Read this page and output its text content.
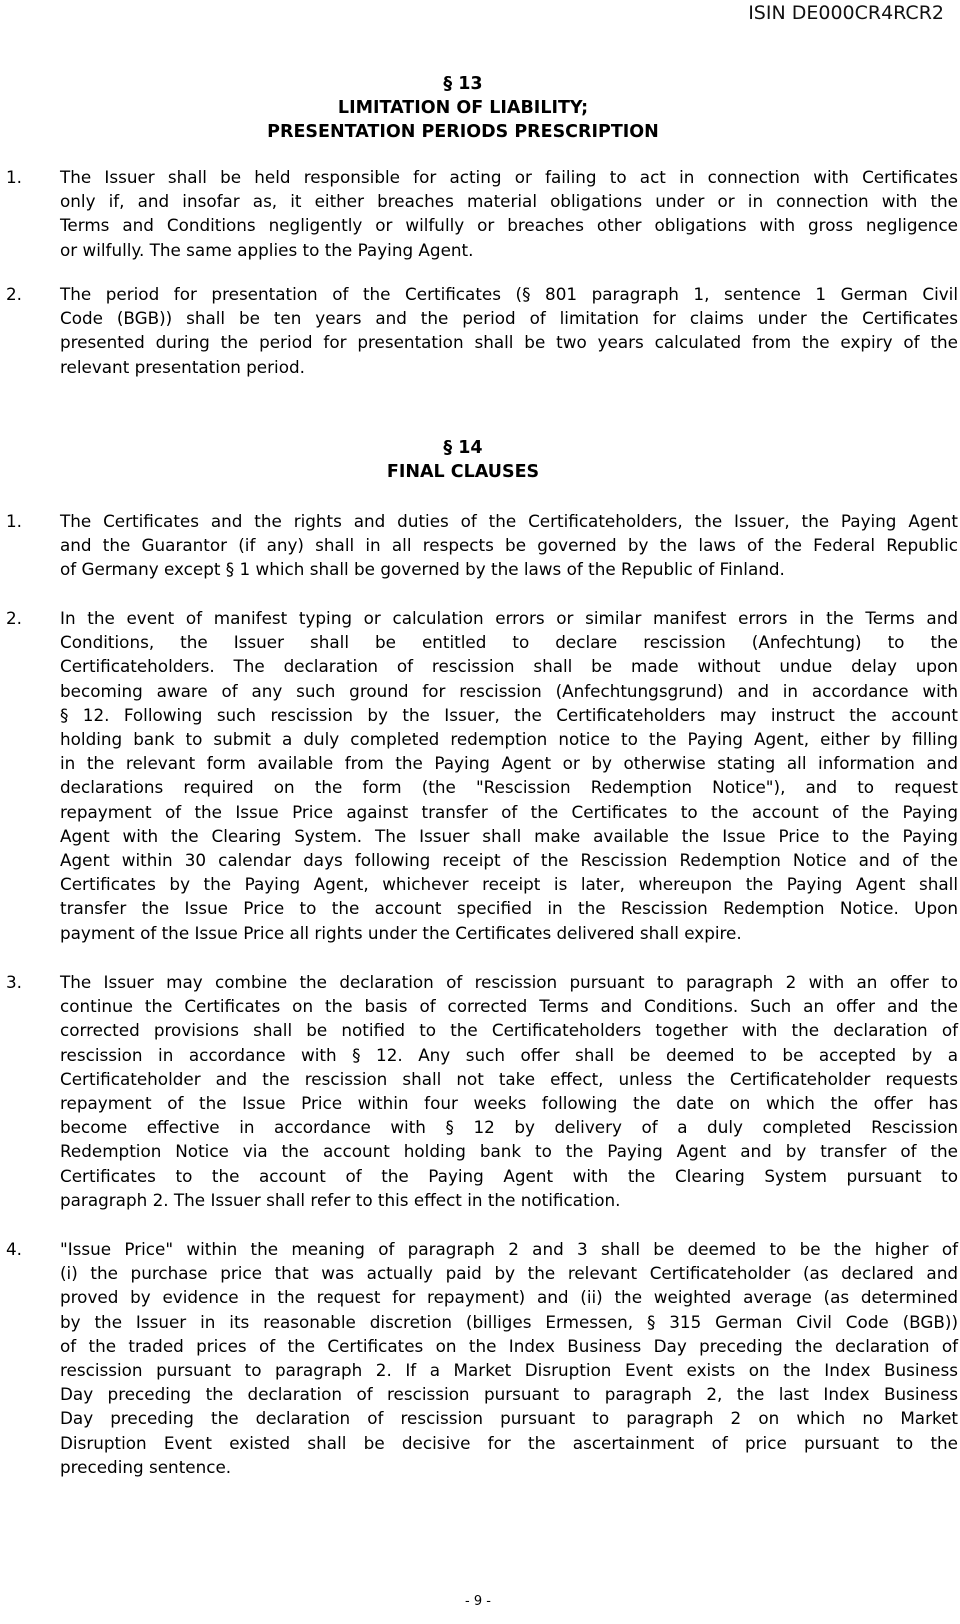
ISIN DE000CR4RCR2
§ 13
LIMITATION OF LIABILITY;
PRESENTATION PERIODS PRESCRIPTION
1. The Issuer shall be held responsible for acting or failing to act in connection with Certificates
only if, and insofar as, it either breaches material obligations under or in connection with the
Terms and Conditions negligently or wilfully or breaches other obligations with gross negligence
or wilfully. The same applies to the Paying Agent.
2. The period for presentation of the Certificates (§ 801 paragraph 1, sentence 1 German Civil
Code (BGB)) shall be ten years and the period of limitation for claims under the Certificates
presented during the period for presentation shall be two years calculated from the expiry of the
relevant presentation period.
§ 14
FINAL CLAUSES
1. The Certificates and the rights and duties of the Certificateholders, the Issuer, the Paying Agent
and the Guarantor (if any) shall in all respects be governed by the laws of the Federal Republic
of Germany except § 1 which shall be governed by the laws of the Republic of Finland.
2. In the event of manifest typing or calculation errors or similar manifest errors in the Terms and
Conditions, the Issuer shall be entitled to declare rescission (Anfechtung) to the
Certificateholders. The declaration of rescission shall be made without undue delay upon
becoming aware of any such ground for rescission (Anfechtungsgrund) and in accordance with
§ 12. Following such rescission by the Issuer, the Certificateholders may instruct the account
holding bank to submit a duly completed redemption notice to the Paying Agent, either by filling
in the relevant form available from the Paying Agent or by otherwise stating all information and
declarations required on the form (the "Rescission Redemption Notice"), and to request
repayment of the Issue Price against transfer of the Certificates to the account of the Paying
Agent with the Clearing System. The Issuer shall make available the Issue Price to the Paying
Agent within 30 calendar days following receipt of the Rescission Redemption Notice and of the
Certificates by the Paying Agent, whichever receipt is later, whereupon the Paying Agent shall
transfer the Issue Price to the account specified in the Rescission Redemption Notice. Upon
payment of the Issue Price all rights under the Certificates delivered shall expire.
3. The Issuer may combine the declaration of rescission pursuant to paragraph 2 with an offer to
continue the Certificates on the basis of corrected Terms and Conditions. Such an offer and the
corrected provisions shall be notified to the Certificateholders together with the declaration of
rescission in accordance with § 12. Any such offer shall be deemed to be accepted by a
Certificateholder and the rescission shall not take effect, unless the Certificateholder requests
repayment of the Issue Price within four weeks following the date on which the offer has
become effective in accordance with § 12 by delivery of a duly completed Rescission
Redemption Notice via the account holding bank to the Paying Agent and by transfer of the
Certificates to the account of the Paying Agent with the Clearing System pursuant to
paragraph 2. The Issuer shall refer to this effect in the notification.
4. "Issue Price" within the meaning of paragraph 2 and 3 shall be deemed to be the higher of
(i) the purchase price that was actually paid by the relevant Certificateholder (as declared and
proved by evidence in the request for repayment) and (ii) the weighted average (as determined
by the Issuer in its reasonable discretion (billiges Ermessen, § 315 German Civil Code (BGB))
of the traded prices of the Certificates on the Index Business Day preceding the declaration of
rescission pursuant to paragraph 2. If a Market Disruption Event exists on the Index Business
Day preceding the declaration of rescission pursuant to paragraph 2, the last Index Business
Day preceding the declaration of rescission pursuant to paragraph 2 on which no Market
Disruption Event existed shall be decisive for the ascertainment of price pursuant to the
preceding sentence.
- 9 -
